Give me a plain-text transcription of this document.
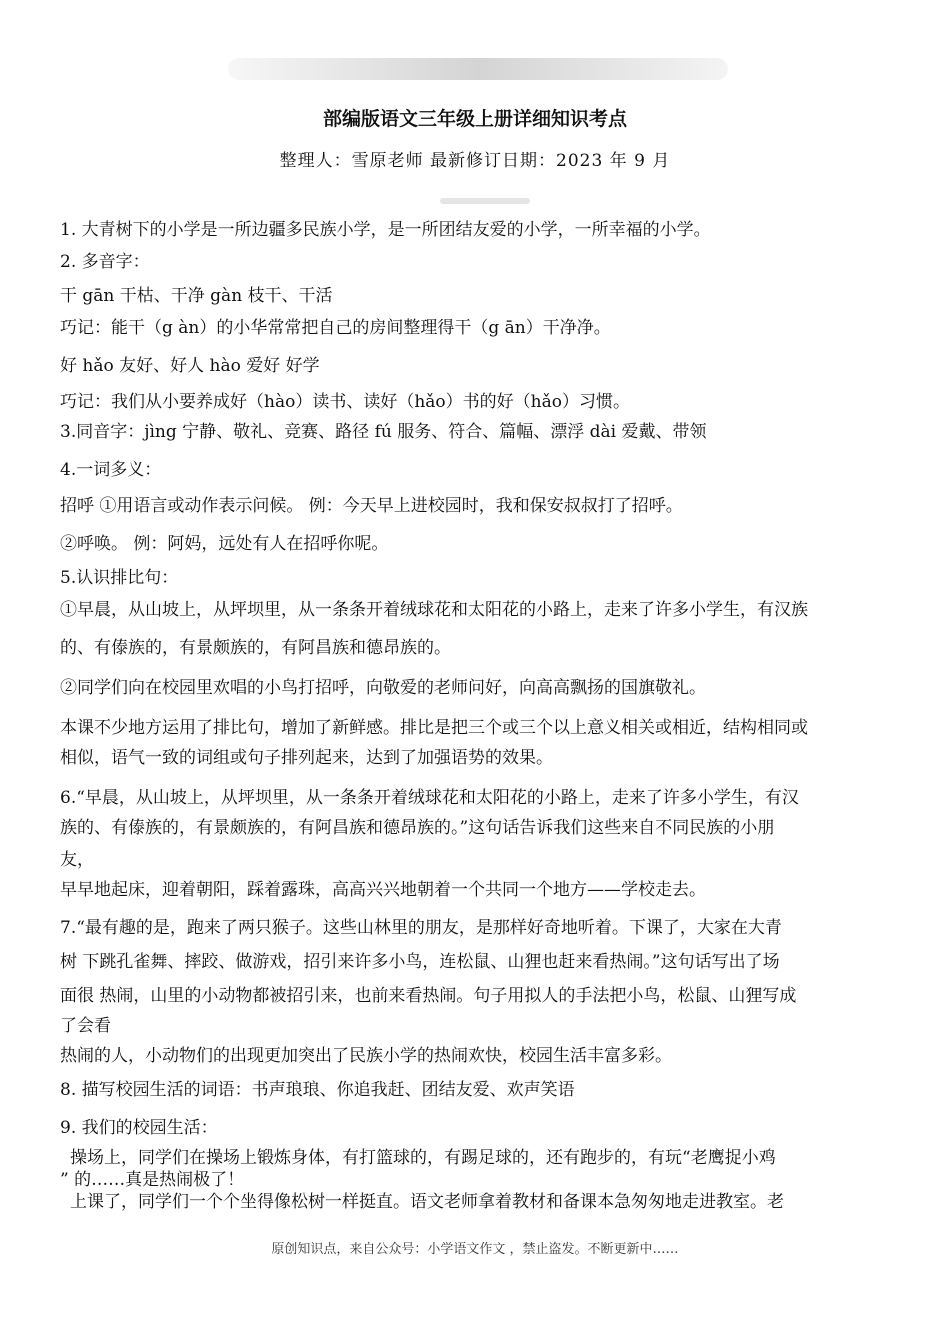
部编版语文三年级上册详细知识考点
整理人：雪原老师 最新修订日期：2023 年 9 月
1. 大青树下的小学是一所边疆多民族小学，是一所团结友爱的小学，一所幸福的小学。
2. 多音字：
干 gān 干枯、干净 gàn 枝干、干活
巧记：能干（g àn）的小华常常把自己的房间整理得干（g ān）干净净。
好 hǎo 友好、好人 hào 爱好 好学
巧记：我们从小要养成好（hào）读书、读好（hǎo）书的好（hǎo）习惯。
3.同音字：jìng 宁静、敬礼、竞赛、路径 fú 服务、符合、篇幅、漂浮 dài 爱戴、带领
4.一词多义：
招呼 ①用语言或动作表示问候。 例：今天早上进校园时，我和保安叔叔打了招呼。
②呼唤。 例：阿妈，远处有人在招呼你呢。
5.认识排比句：
①早晨，从山坡上，从坪坝里，从一条条开着绒球花和太阳花的小路上，走来了许多小学生，有汉族
的、有傣族的，有景颇族的，有阿昌族和德昂族的。
②同学们向在校园里欢唱的小鸟打招呼，向敬爱的老师问好，向高高飘扬的国旗敬礼。
本课不少地方运用了排比句，增加了新鲜感。排比是把三个或三个以上意义相关或相近，结构相同或
相似，语气一致的词组或句子排列起来，达到了加强语势的效果。
6.“早晨，从山坡上，从坪坝里，从一条条开着绒球花和太阳花的小路上，走来了许多小学生，有汉
族的、有傣族的，有景颇族的，有阿昌族和德昂族的。”这句话告诉我们这些来自不同民族的小朋
友，
早早地起床，迎着朝阳，踩着露珠，高高兴兴地朝着一个共同一个地方——学校走去。
7.“最有趣的是，跑来了两只猴子。这些山林里的朋友，是那样好奇地听着。下课了，大家在大青
树 下跳孔雀舞、摔跤、做游戏，招引来许多小鸟，连松鼠、山狸也赶来看热闹。”这句话写出了场
面很 热闹，山里的小动物都被招引来，也前来看热闹。句子用拟人的手法把小鸟，松鼠、山狸写成
了会看
热闹的人，小动物们的出现更加突出了民族小学的热闹欢快，校园生活丰富多彩。
8. 描写校园生活的词语：书声琅琅、你追我赶、团结友爱、欢声笑语
9. 我们的校园生活：
操场上，同学们在操场上锻炼身体，有打篮球的，有踢足球的，还有跑步的，有玩“老鹰捉小鸡
” 的……真是热闹极了！
上课了，同学们一个个坐得像松树一样挺直。语文老师拿着教材和备课本急匆匆地走进教室。老
原创知识点，来自公众号：小学语文作文 ，禁止盗发。不断更新中……
